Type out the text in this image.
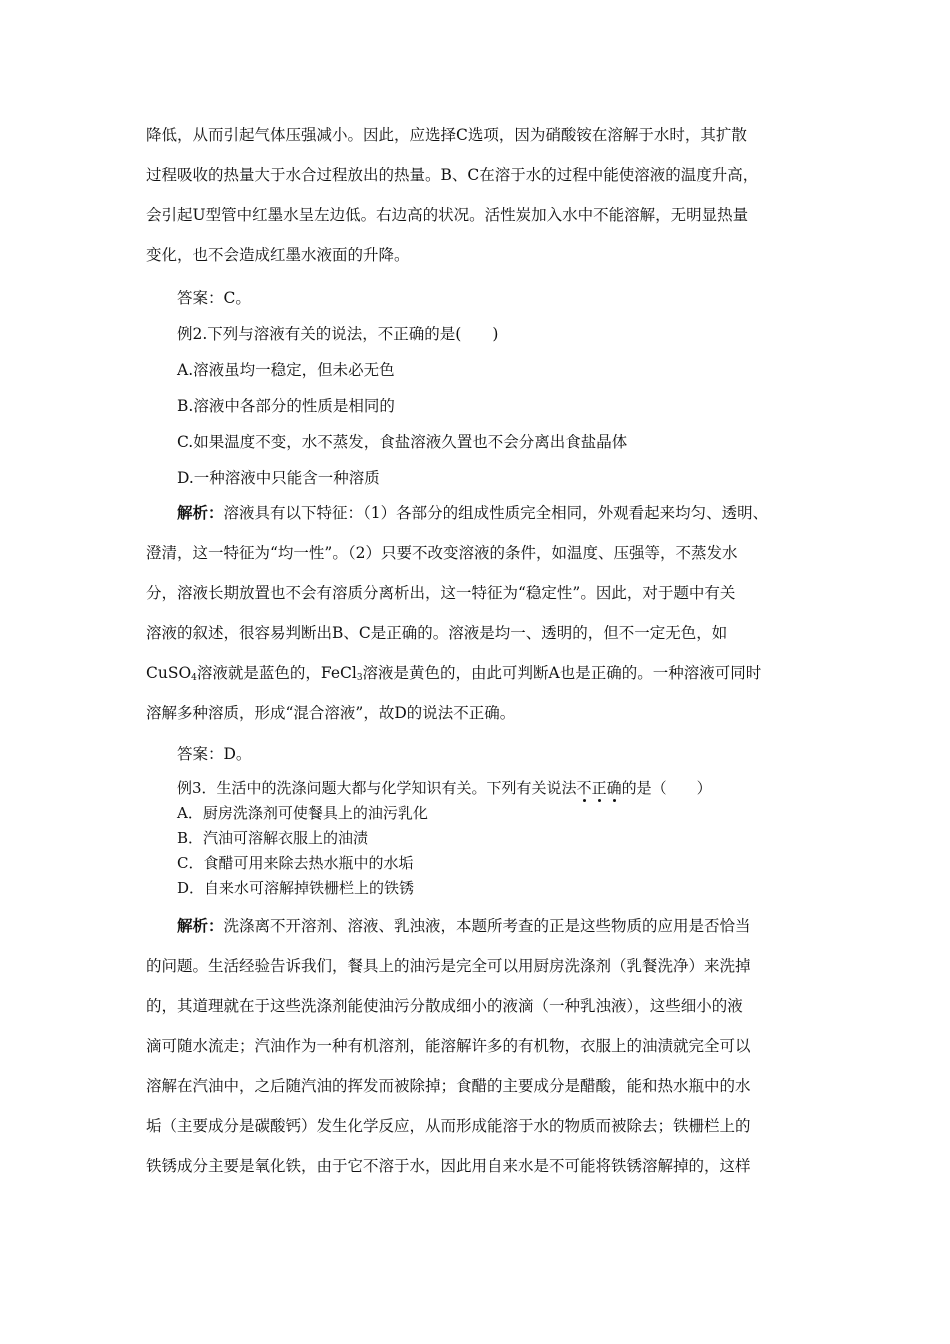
降低，从而引起气体压强减小。因此，应选择C选项，因为硝酸铵在溶解于水时，其扩散
过程吸收的热量大于水合过程放出的热量。B、C在溶于水的过程中能使溶液的温度升高，
会引起U型管中红墨水呈左边低。右边高的状况。活性炭加入水中不能溶解，无明显热量
变化，也不会造成红墨水液面的升降。
答案：C。
例2.下列与溶液有关的说法，不正确的是(　　)
A.溶液虽均一稳定，但未必无色
B.溶液中各部分的性质是相同的
C.如果温度不变，水不蒸发，食盐溶液久置也不会分离出食盐晶体
D.一种溶液中只能含一种溶质
解析：溶液具有以下特征：（1）各部分的组成性质完全相同，外观看起来均匀、透明、
澄清，这一特征为“均一性”。（2）只要不改变溶液的条件，如温度、压强等，不蒸发水
分，溶液长期放置也不会有溶质分离析出，这一特征为“稳定性”。因此，对于题中有关
溶液的叙述，很容易判断出B、C是正确的。溶液是均一、透明的，但不一定无色，如
CuSO$_4$溶液就是蓝色的，FeCl$_3$溶液是黄色的，由此可判断A也是正确的。一种溶液可同时
溶解多种溶质，形成“混合溶液”，故D的说法不正确。
答案：D。
例3．生活中的洗涤问题大都与化学知识有关。下列有关说法不正确的是（　　）
A．厨房洗涤剂可使餐具上的油污乳化
B．汽油可溶解衣服上的油渍
C．食醋可用来除去热水瓶中的水垢
D．自来水可溶解掉铁栅栏上的铁锈
解析：洗涤离不开溶剂、溶液、乳浊液，本题所考查的正是这些物质的应用是否恰当
的问题。生活经验告诉我们，餐具上的油污是完全可以用厨房洗涤剂（乳餐洗净）来洗掉
的，其道理就在于这些洗涤剂能使油污分散成细小的液滴（一种乳浊液），这些细小的液
滴可随水流走；汽油作为一种有机溶剂，能溶解许多的有机物，衣服上的油渍就完全可以
溶解在汽油中，之后随汽油的挥发而被除掉；食醋的主要成分是醋酸，能和热水瓶中的水
垢（主要成分是碳酸钙）发生化学反应，从而形成能溶于水的物质而被除去；铁栅栏上的
铁锈成分主要是氧化铁，由于它不溶于水，因此用自来水是不可能将铁锈溶解掉的，这样
